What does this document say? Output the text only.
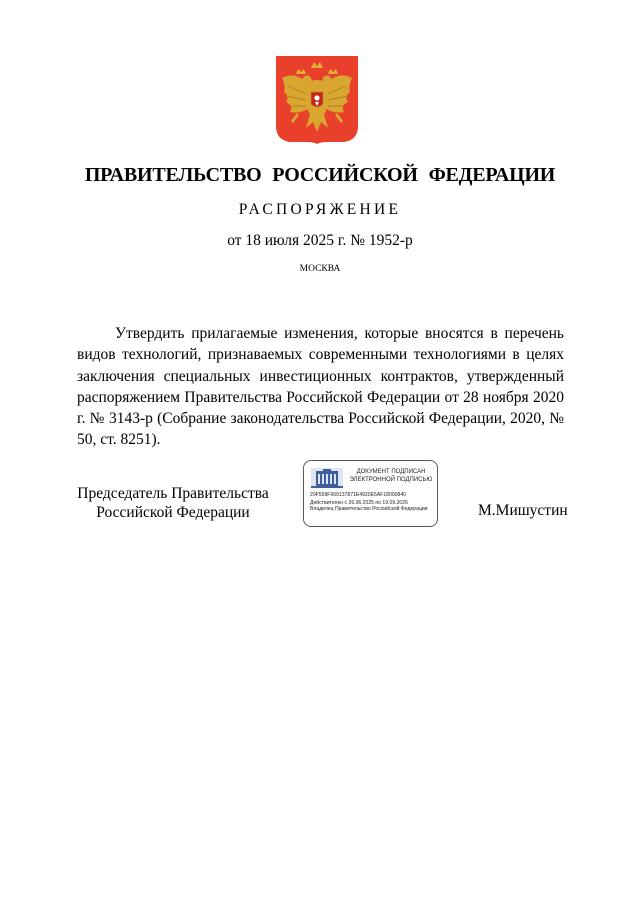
ПРАВИТЕЛЬСТВО РОССИЙСКОЙ ФЕДЕРАЦИИ
РАСПОРЯЖЕНИЕ
от 18 июля 2025 г. № 1952-р
МОСКВА

Утвердить прилагаемые изменения, которые вносятся в перечень видов технологий, признаваемых современными технологиями в целях заключения специальных инвестиционных контрактов, утвержденный распоряжением Правительства Российской Федерации от 28 ноября 2020 г. № 3143-р (Собрание законодательства Российской Федерации, 2020, № 50, ст. 8251).

Председатель Правительства
Российской Федерации
ДОКУМЕНТ ПОДПИСАН
ЭЛЕКТРОННОЙ ПОДПИСЬЮ
29F559F969137871E4920E5AF18000840
Действителен с 26.06.2025 по 19.09.2026
Владелец Правительство Российской Федерации	М.Мишустин
